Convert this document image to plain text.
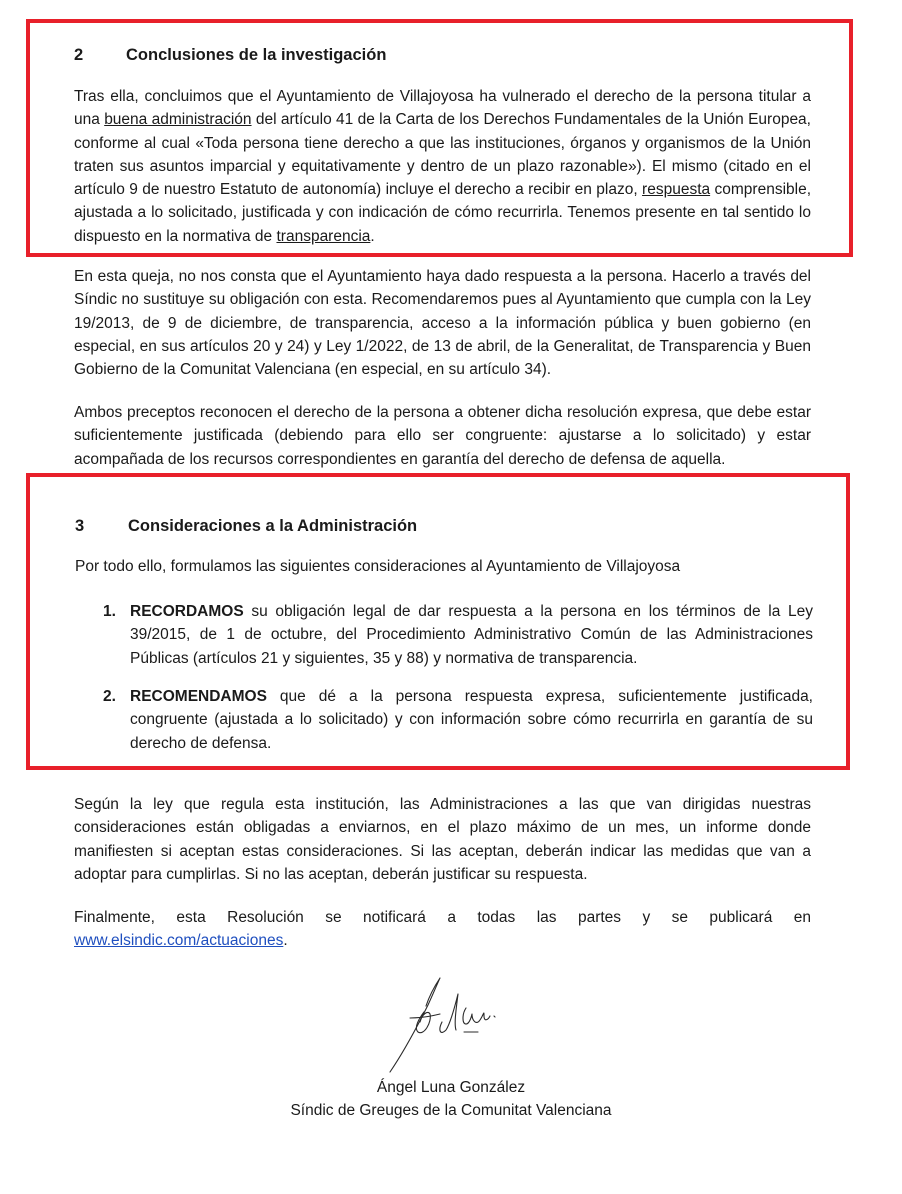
2	Conclusiones de la investigación
Tras ella, concluimos que el Ayuntamiento de Villajoyosa ha vulnerado el derecho de la persona titular a una buena administración del artículo 41 de la Carta de los Derechos Fundamentales de la Unión Europea, conforme al cual «Toda persona tiene derecho a que las instituciones, órganos y organismos de la Unión traten sus asuntos imparcial y equitativamente y dentro de un plazo razonable»). El mismo (citado en el artículo 9 de nuestro Estatuto de autonomía) incluye el derecho a recibir en plazo, respuesta comprensible, ajustada a lo solicitado, justificada y con indicación de cómo recurrirla. Tenemos presente en tal sentido lo dispuesto en la normativa de transparencia.
En esta queja, no nos consta que el Ayuntamiento haya dado respuesta a la persona. Hacerlo a través del Síndic no sustituye su obligación con esta. Recomendaremos pues al Ayuntamiento que cumpla con la Ley 19/2013, de 9 de diciembre, de transparencia, acceso a la información pública y buen gobierno (en especial, en sus artículos 20 y 24) y Ley 1/2022, de 13 de abril, de la Generalitat, de Transparencia y Buen Gobierno de la Comunitat Valenciana (en especial, en su artículo 34).
Ambos preceptos reconocen el derecho de la persona a obtener dicha resolución expresa, que debe estar suficientemente justificada (debiendo para ello ser congruente: ajustarse a lo solicitado) y estar acompañada de los recursos correspondientes en garantía del derecho de defensa de aquella.
3	Consideraciones a la Administración
Por todo ello, formulamos las siguientes consideraciones al Ayuntamiento de Villajoyosa
1. RECORDAMOS su obligación legal de dar respuesta a la persona en los términos de la Ley 39/2015, de 1 de octubre, del Procedimiento Administrativo Común de las Administraciones Públicas (artículos 21 y siguientes, 35 y 88) y normativa de transparencia.
2. RECOMENDAMOS que dé a la persona respuesta expresa, suficientemente justificada, congruente (ajustada a lo solicitado) y con información sobre cómo recurrirla en garantía de su derecho de defensa.
Según la ley que regula esta institución, las Administraciones a las que van dirigidas nuestras consideraciones están obligadas a enviarnos, en el plazo máximo de un mes, un informe donde manifiesten si aceptan estas consideraciones. Si las aceptan, deberán indicar las medidas que van a adoptar para cumplirlas. Si no las aceptan, deberán justificar su respuesta.
Finalmente, esta Resolución se notificará a todas las partes y se publicará en
www.elsindic.com/actuaciones.
Ángel Luna González
Síndic de Greuges de la Comunitat Valenciana
